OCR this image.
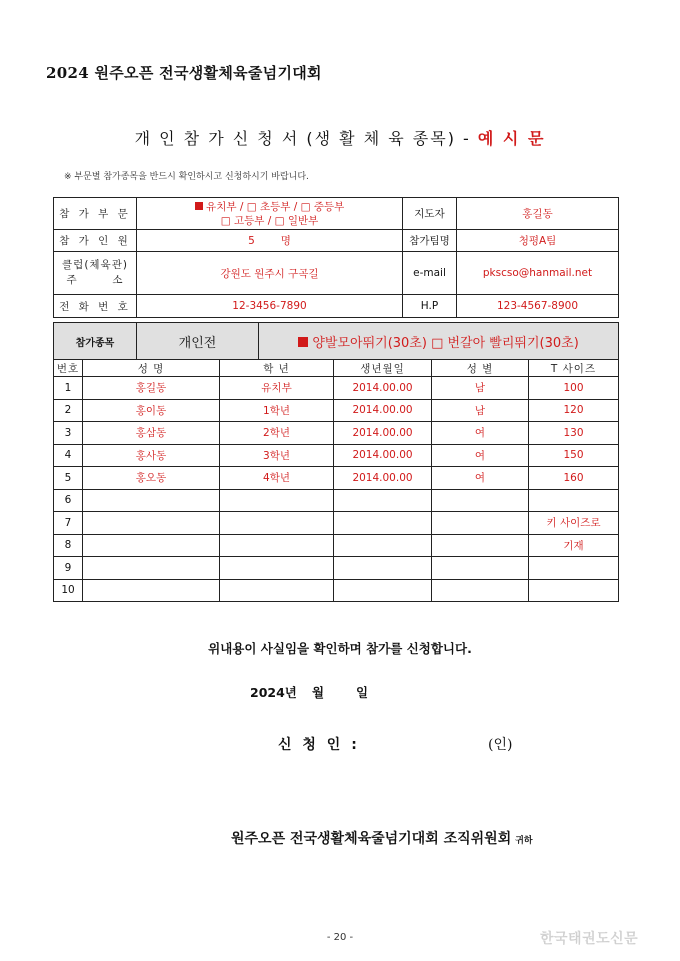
2024 원주오픈 전국생활체육줄넘기대회
개 인 참 가 신 청 서 (생 활 체 육 종목) - 예 시 문
※ 부문별 참가종목을 반드시 확인하시고 신청하시기 바랍니다.
참 가 부 문	유치부 / □ 초등부 / □ 중등부
□ 고등부 / □ 일반부	지도자	홍길동
참 가 인 원	5 명	참가팀명	청평A팀

클럽(체육관)
주        소	강원도 원주시 구곡길	e-mail	pkscso@hanmail.net
전 화 번 호	12-3456-7890	H.P	123-4567-8900
참가종목	개인전	양발모아뛰기(30초) □ 번갈아 빨리뛰기(30초)
번호	성 명	학 년	생년월일	성 별	T 사이즈
1	홍길동	유치부	2014.00.00	남	100
2	홍이동	1학년	2014.00.00	남	120
3	홍삼동	2학년	2014.00.00	여	130
4	홍사동	3학년	2014.00.00	여	150
5	홍오동	4학년	2014.00.00	여	160
6					
7					키 사이즈로
8					기재
9					
10					
위내용이 사실임을 확인하며 참가를 신청합니다.
2024년 월	일
신 청 인 :	(인)
원주오픈 전국생활체육줄넘기대회 조직위원회 귀하
- 20 -	한국태권도신문
